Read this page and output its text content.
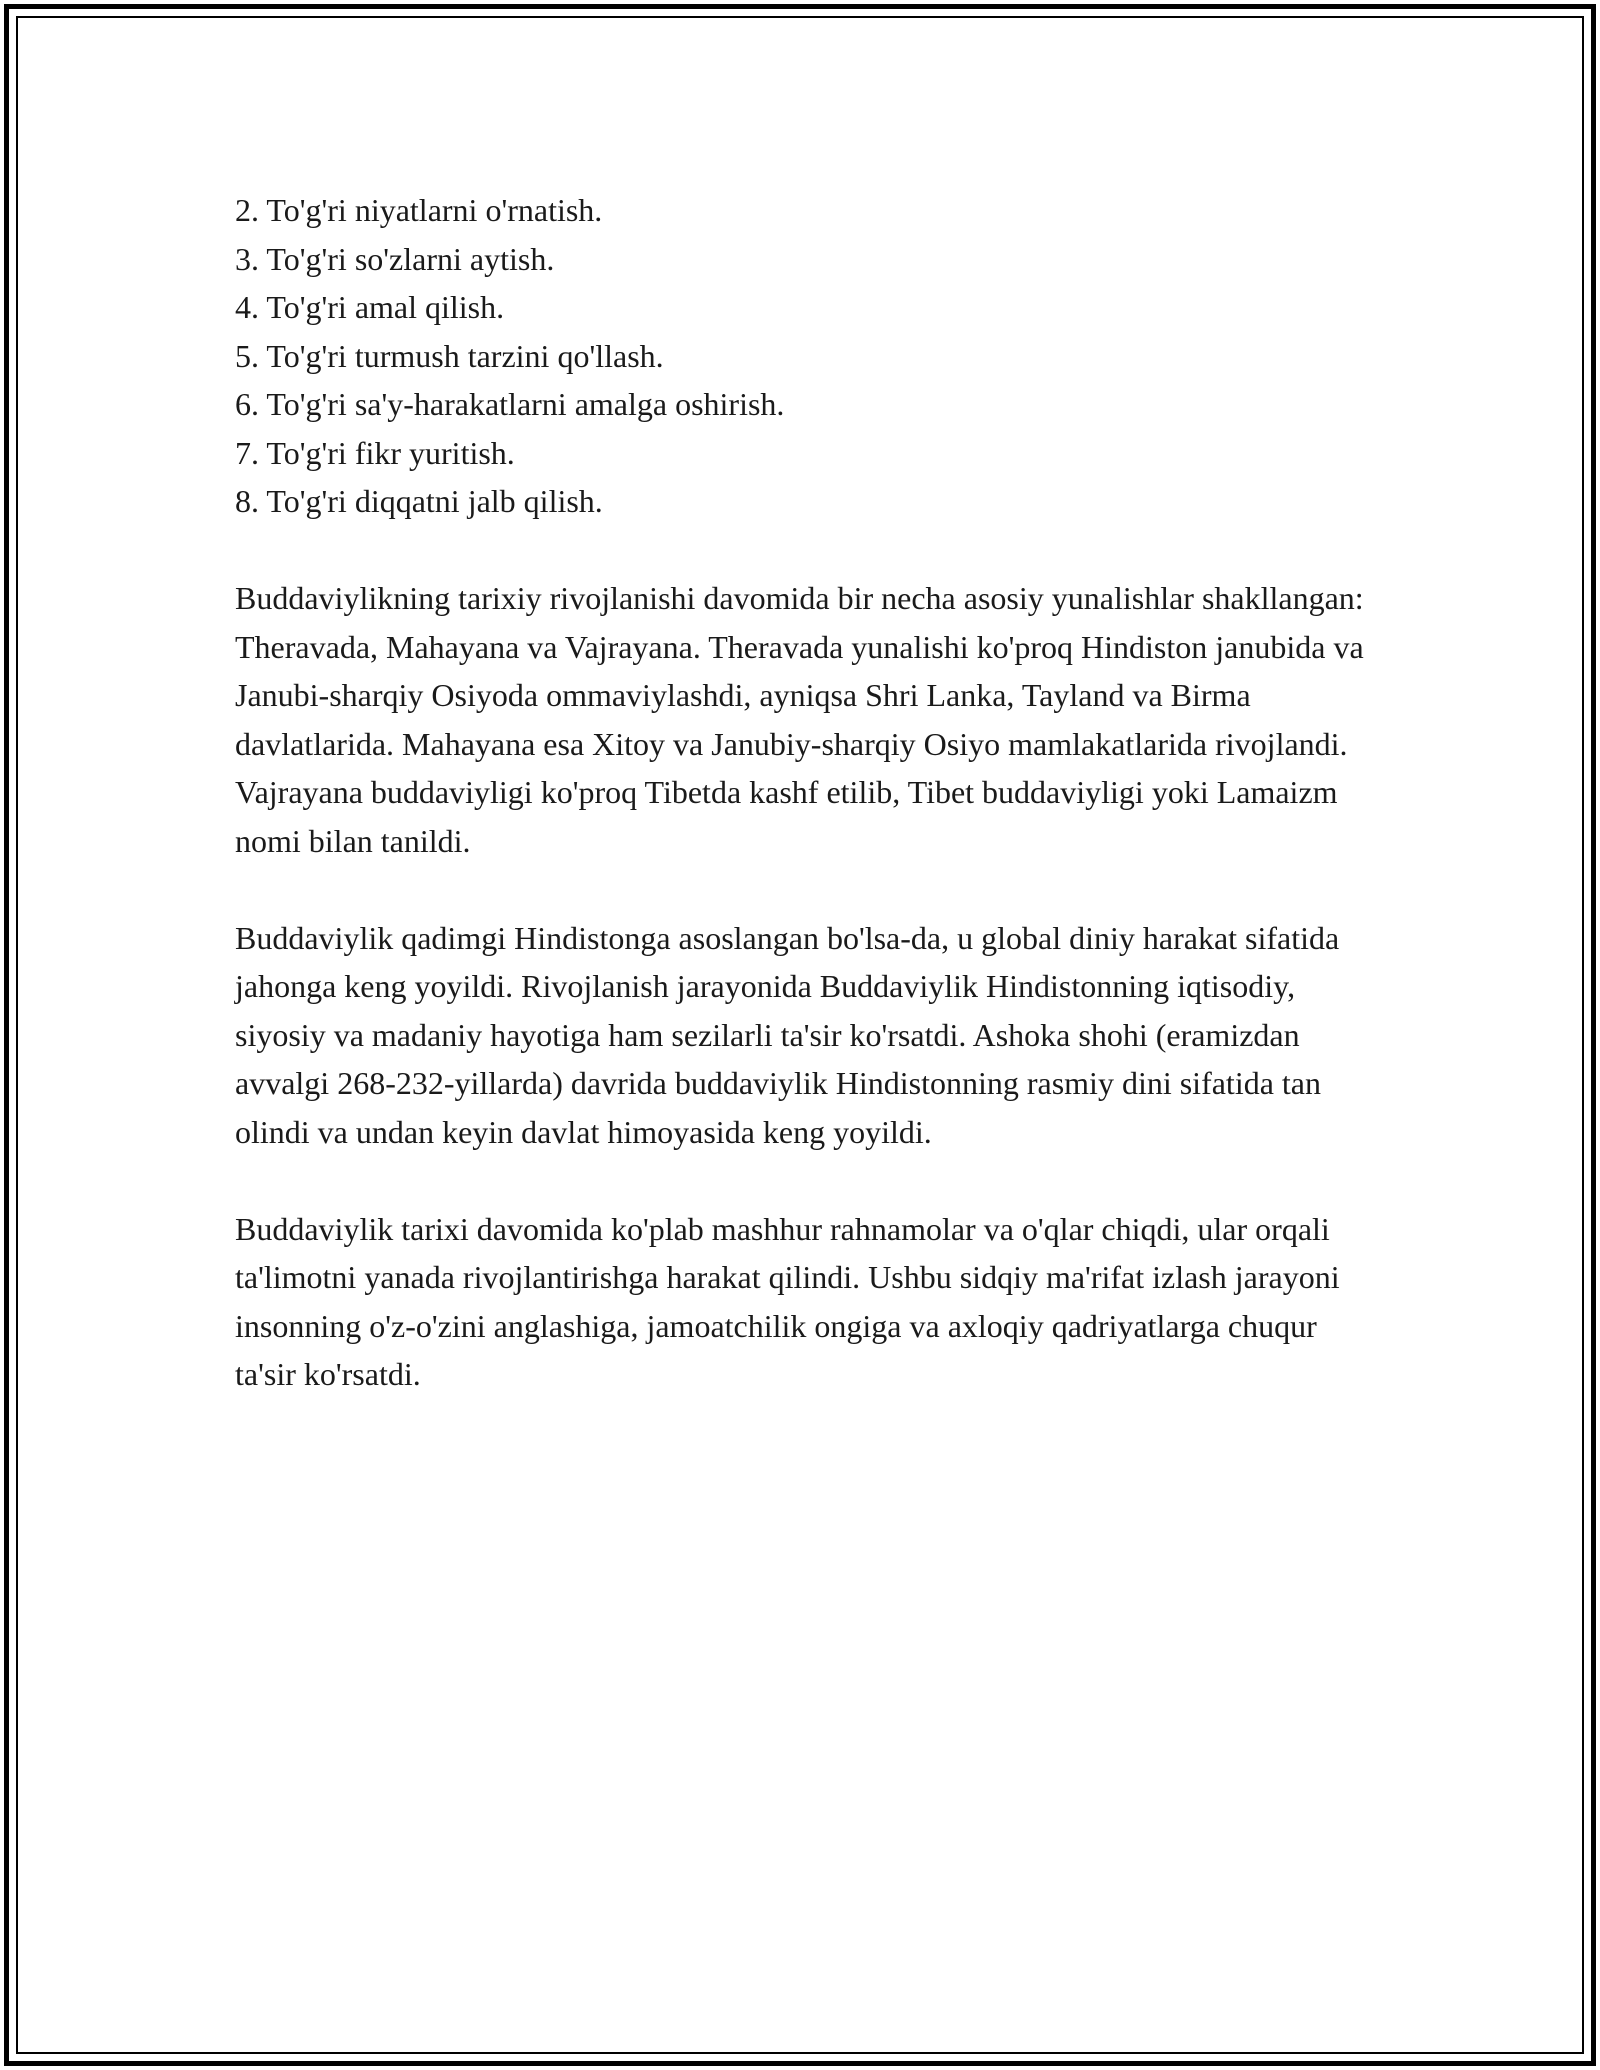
2. To'g'ri niyatlarni o'rnatish.

3. To'g'ri so'zlarni aytish.

4. To'g'ri amal qilish.

5. To'g'ri turmush tarzini qo'llash.

6. To'g'ri sa'y-harakatlarni amalga oshirish.

7. To'g'ri fikr yuritish.

8. To'g'ri diqqatni jalb qilish.

Buddaviylikning tarixiy rivojlanishi davomida bir necha asosiy yunalishlar shakllangan: Theravada, Mahayana va Vajrayana. Theravada yunalishi ko'proq Hindiston janubida va Janubi-sharqiy Osiyoda ommaviylashdi, ayniqsa Shri Lanka, Tayland va Birma davlatlarida. Mahayana esa Xitoy va Janubiy-sharqiy Osiyo mamlakatlarida rivojlandi. Vajrayana buddaviyligi ko'proq Tibetda kashf etilib, Tibet buddaviyligi yoki Lamaizm nomi bilan tanildi.

Buddaviylik qadimgi Hindistonga asoslangan bo'lsa-da, u global diniy harakat sifatida jahonga keng yoyildi. Rivojlanish jarayonida Buddaviylik Hindistonning iqtisodiy, siyosiy va madaniy hayotiga ham sezilarli ta'sir ko'rsatdi. Ashoka shohi (eramizdan avvalgi 268-232-yillarda) davrida buddaviylik Hindistonning rasmiy dini sifatida tan olindi va undan keyin davlat himoyasida keng yoyildi.

Buddaviylik tarixi davomida ko'plab mashhur rahnamolar va o'qlar chiqdi, ular orqali ta'limotni yanada rivojlantirishga harakat qilindi. Ushbu sidqiy ma'rifat izlash jarayoni insonning o'z-o'zini anglashiga, jamoatchilik ongiga va axloqiy qadriyatlarga chuqur ta'sir ko'rsatdi.
